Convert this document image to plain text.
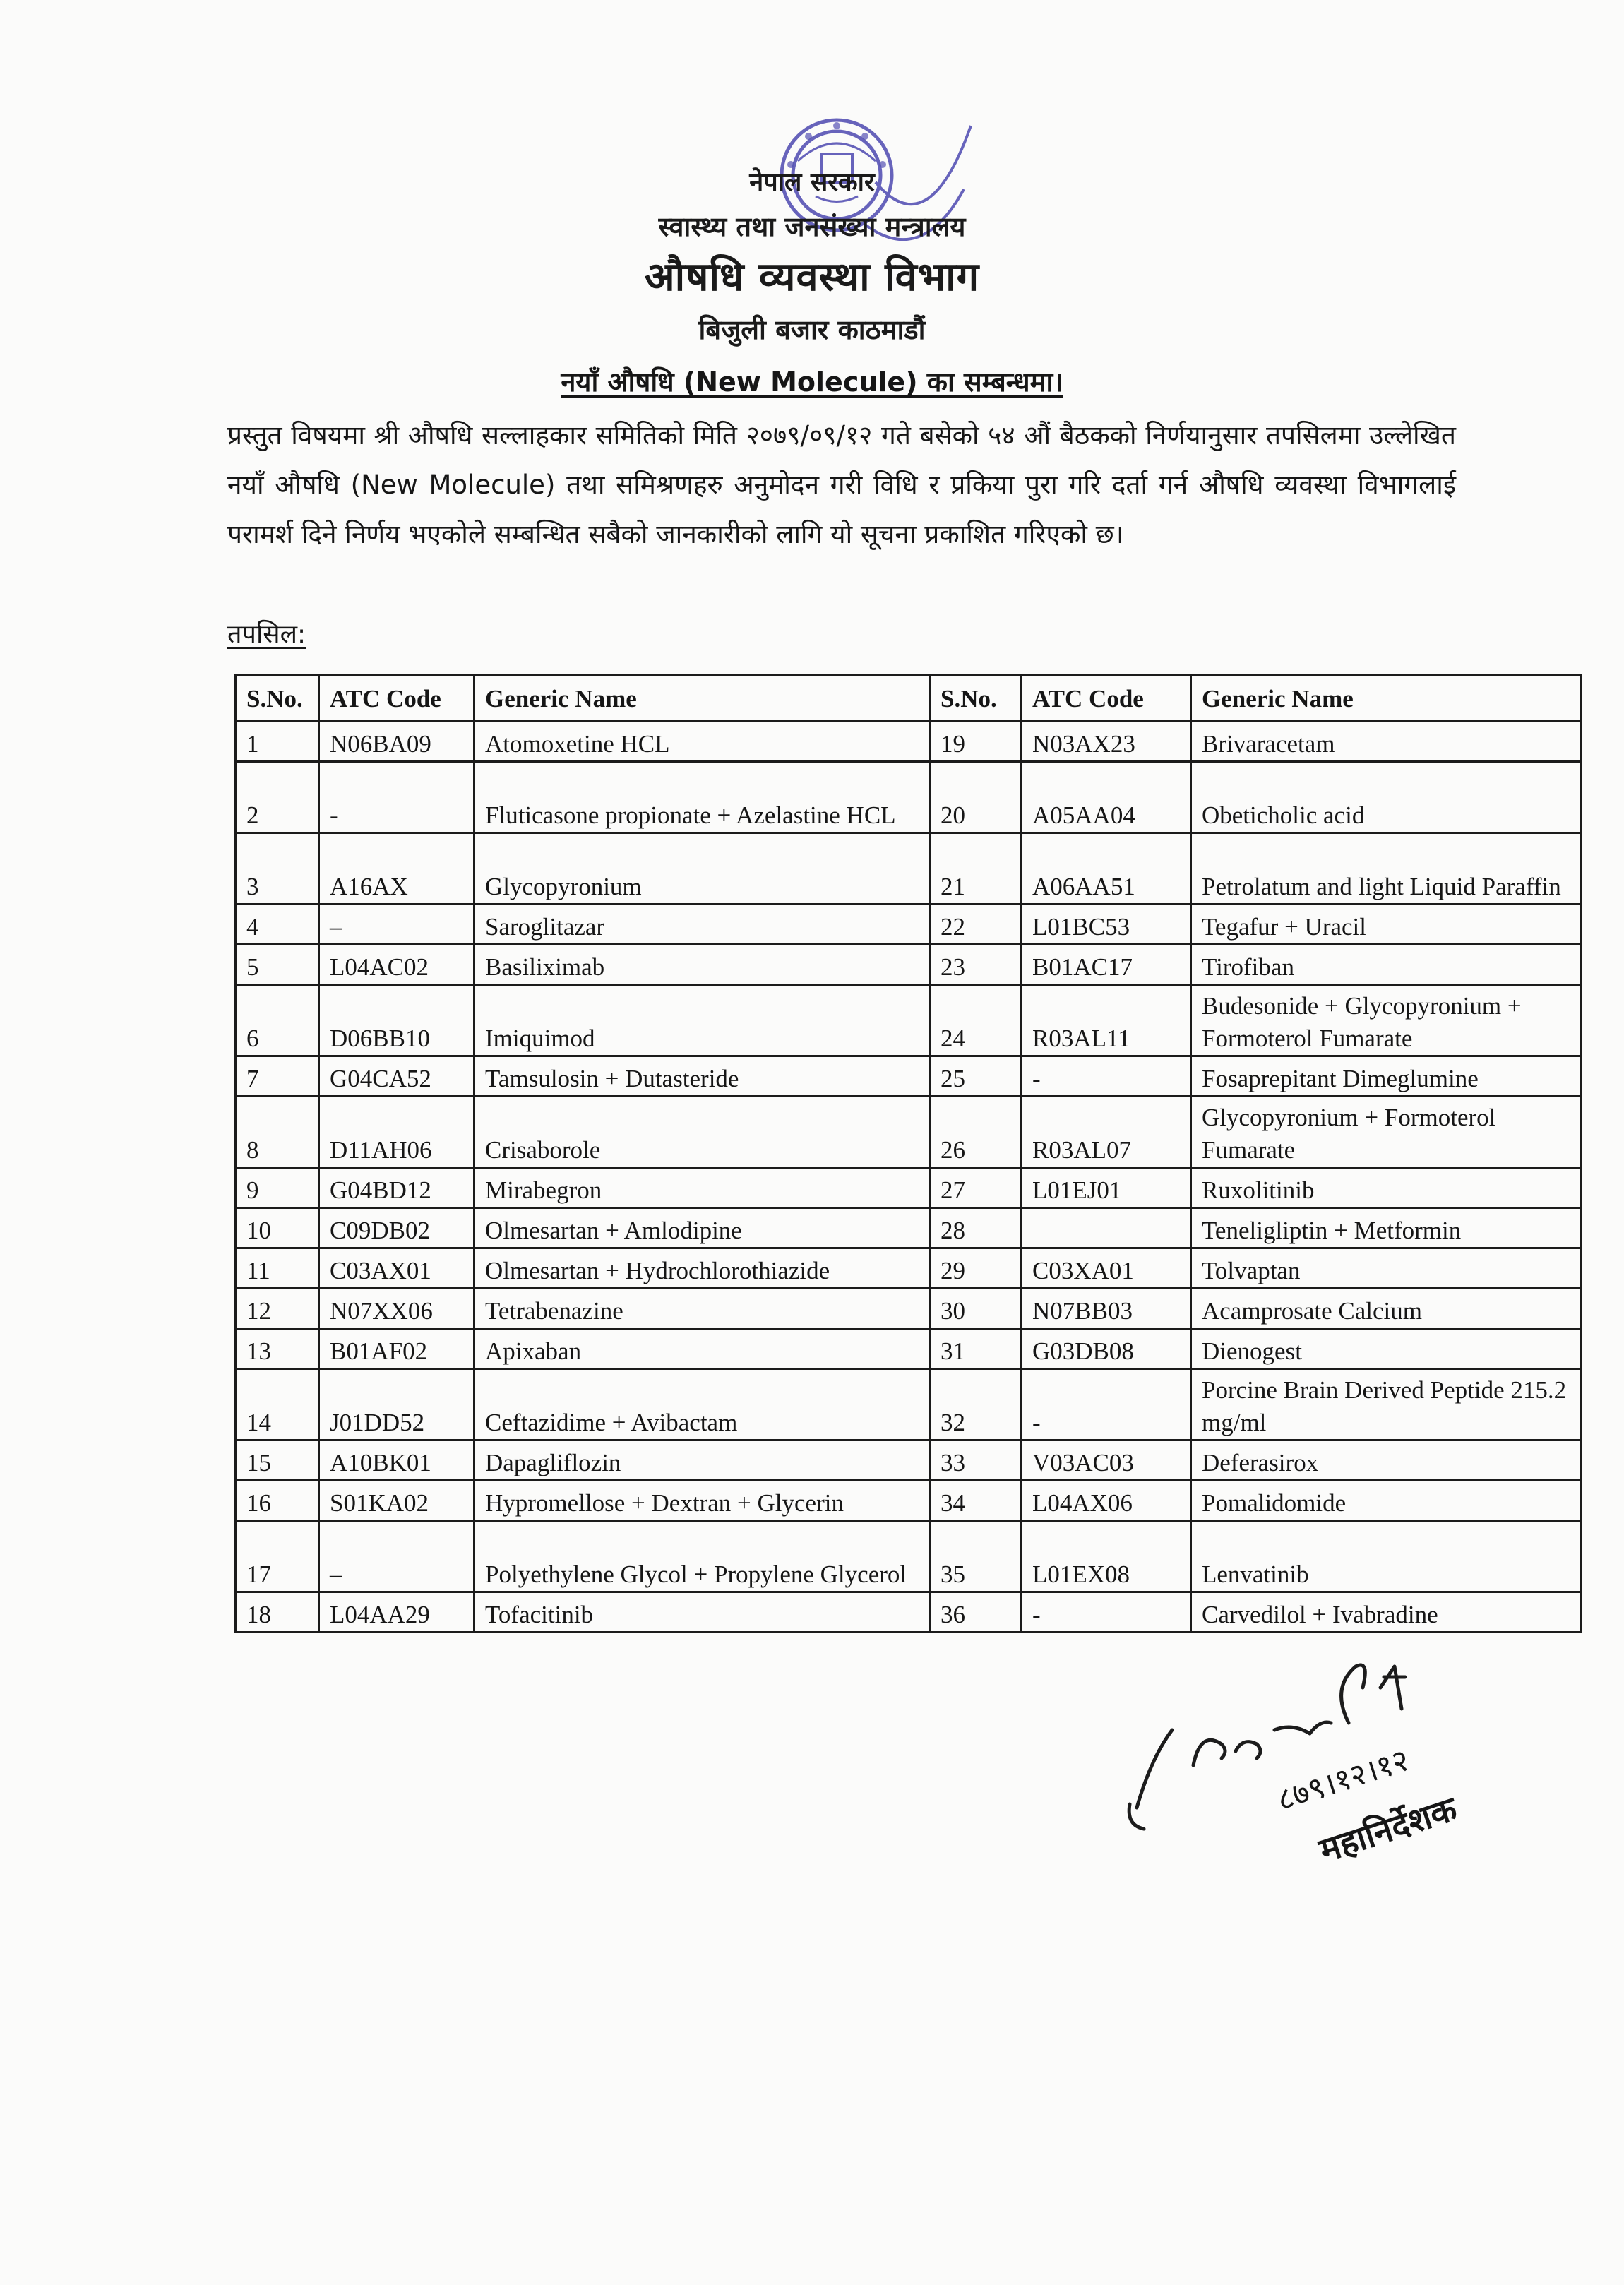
नेपाल सरकार
स्वास्थ्य तथा जनसंख्या मन्त्रालय
औषधि व्यवस्था विभाग
बिजुली बजार काठमाडौं
नयाँ औषधि (New Molecule) का सम्बन्धमा।
प्रस्तुत विषयमा श्री औषधि सल्लाहकार समितिको मिति २०७९/०९/१२ गते बसेको ५४ औं बैठकको निर्णयानुसार तपसिलमा उल्लेखित नयाँ औषधि (New Molecule) तथा समिश्रणहरु अनुमोदन गरी विधि र प्रकिया पुरा गरि दर्ता गर्न औषधि व्यवस्था विभागलाई परामर्श दिने निर्णय भएकोले सम्बन्धित सबैको जानकारीको लागि यो सूचना प्रकाशित गरिएको छ।
तपसिल:
S.No.	ATC Code	Generic Name	S.No.	ATC Code	Generic Name
1	N06BA09	Atomoxetine HCL	19	N03AX23	Brivaracetam
2	-	Fluticasone propionate + Azelastine HCL	20	A05AA04	Obeticholic acid
3	A16AX	Glycopyronium	21	A06AA51	Petrolatum and light Liquid Paraffin
4	–	Saroglitazar	22	L01BC53	Tegafur + Uracil
5	L04AC02	Basiliximab	23	B01AC17	Tirofiban
6	D06BB10	Imiquimod	24	R03AL11	Budesonide + Glycopyronium + Formoterol Fumarate
7	G04CA52	Tamsulosin + Dutasteride	25	-	Fosaprepitant Dimeglumine
8	D11AH06	Crisaborole	26	R03AL07	Glycopyronium + Formoterol Fumarate
9	G04BD12	Mirabegron	27	L01EJ01	Ruxolitinib
10	C09DB02	Olmesartan + Amlodipine	28		Teneligliptin + Metformin
11	C03AX01	Olmesartan + Hydrochlorothiazide	29	C03XA01	Tolvaptan
12	N07XX06	Tetrabenazine	30	N07BB03	Acamprosate Calcium
13	B01AF02	Apixaban	31	G03DB08	Dienogest
14	J01DD52	Ceftazidime + Avibactam	32	-	Porcine Brain Derived Peptide 215.2 mg/ml
15	A10BK01	Dapagliflozin	33	V03AC03	Deferasirox
16	S01KA02	Hypromellose + Dextran + Glycerin	34	L04AX06	Pomalidomide
17	–	Polyethylene Glycol + Propylene Glycerol	35	L01EX08	Lenvatinib
18	L04AA29	Tofacitinib	36	-	Carvedilol + Ivabradine
८७९।१२।१२
महानिर्देशक
